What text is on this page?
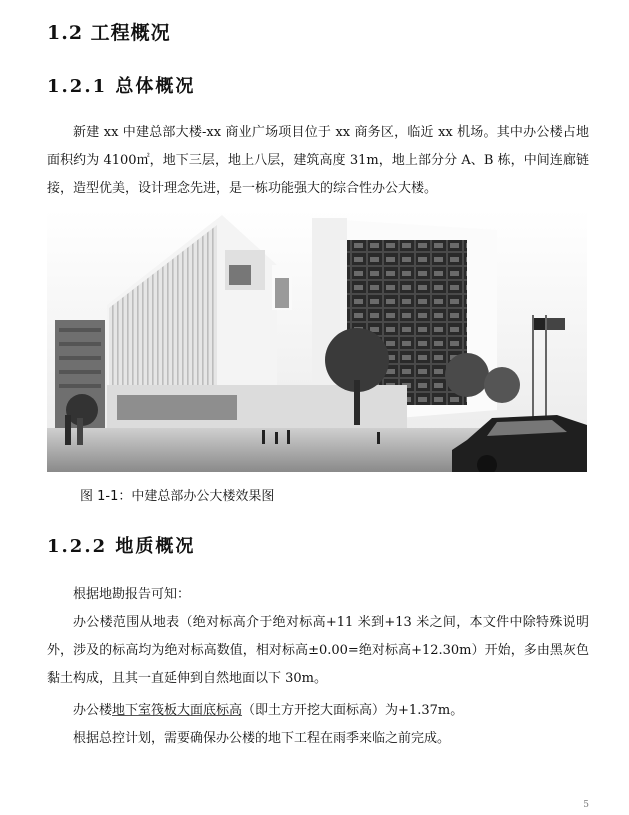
1.2 工程概况
1.2.1 总体概况
新建 xx 中建总部大楼-xx 商业广场项目位于 xx 商务区，临近 xx 机场。其中办公楼占地面积约为 4100㎡，地下三层，地上八层，建筑高度 31m，地上部分分 A、B 栋，中间连廊链接，造型优美，设计理念先进，是一栋功能强大的综合性办公大楼。
图 1-1：中建总部办公大楼效果图
1.2.2 地质概况
根据地勘报告可知：
办公楼范围从地表（绝对标高介于绝对标高+11 米到+13 米之间，本文件中除特殊说明外，涉及的标高均为绝对标高数值，相对标高±0.00=绝对标高+12.30m）开始，多由黑灰色黏土构成，且其一直延伸到自然地面以下 30m。
办公楼地下室筏板大面底标高（即土方开挖大面标高）为+1.37m。
根据总控计划，需要确保办公楼的地下工程在雨季来临之前完成。
5
